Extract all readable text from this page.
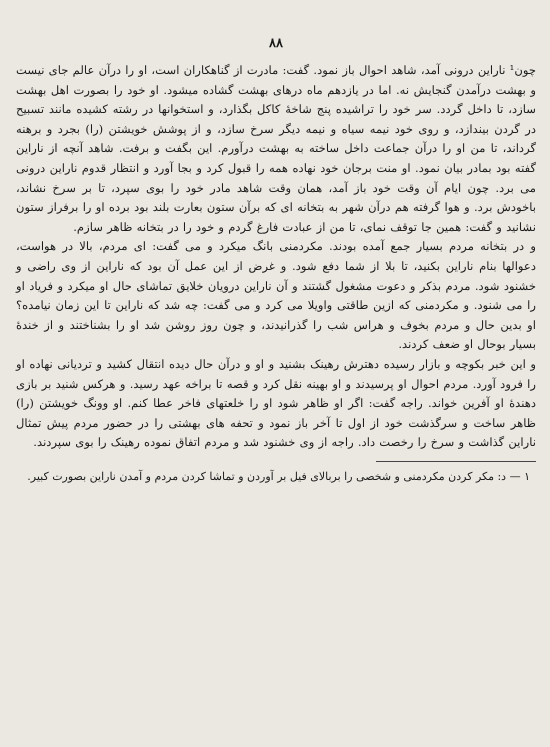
۸۸

چون¹ ناراین درونی آمد، شاهد احوال باز نمود. گفت: مادرت از گناهکاران است، او را درآن عالم جای نیست و بهشت درآمدن گنجایش نه. اما در یازدهم ماه درهای بهشت گشاده میشود. او خود را بصورت اهل بهشت سازد، تا داخل گردد. سر خود را تراشیده پنج شاخهٔ کاکل بگذارد، و استخوانها در رشته کشیده مانند تسبیح در گردن بیندازد، و روی خود نیمه سیاه و نیمه دیگر سرخ سازد، و از پوشش خویشتن (را) بجرد و برهنه گرداند، تا من او را درآن جماعت داخل ساخته به بهشت درآورم. این بگفت و برفت. شاهد آنچه از ناراین گفته بود بمادر بیان نمود. او منت برجان خود نهاده همه را قبول کرد و بجا آورد و انتظار قدوم ناراین درونی می برد. چون ایام آن وقت خود باز آمد، همان وقت شاهد مادر خود را بوی سپرد، تا بر سرخ نشاند، باخودش برد. و هوا گرفته هم درآن شهر به بتخانه ای که برآن ستون بعارت بلند بود برده او را برفراز ستون نشانید و گفت: همین جا توقف نمای، تا من از عبادت فارغ گردم و خود را در بتخانه ظاهر سازم.

و در بتخانه مردم بسیار جمع آمده بودند. مکردمنی بانگ میکرد و می گفت: ای مردم، بالا در هواست، دعوالها بنام ناراین بکنید، تا بلا از شما دفع شود. و غرض از این عمل آن بود که ناراین از وی راضی و خشنود شود. مردم بذکر و دعوت مشغول گشتند و آن ناراین درویان خلایق تماشای حال او میکرد و فریاد او را می شنود. و مکردمنی که ازین طاقتی واویلا می کرد و می گفت: چه شد که ناراین تا این زمان نیامده؟ او بدین حال و مردم بخوف و هراس شب را گذرانیدند، و چون روز روشن شد او را بشناختند و از خندهٔ بسیار بوحال او ضعف کردند.

و این خبر بکوچه و بازار رسیده دهترش رهینک بشنید و او و درآن حال دیده انتقال کشید و تردیانی نهاده او را فرود آورد. مردم احوال او پرسیدند و او بهینه نقل کرد و قصه تا براخه عهد رسید. و هرکس شنید بر بازی دهندهٔ او آفرین خواند. راجه گفت: اگر او ظاهر شود او را خلعتهای فاخر عطا کنم. او وونگ خویشتن (را) ظاهر ساخت و سرگذشت خود از اول تا آخر باز نمود و تحفه های بهشتی را در حضور مردم پیش تمثال ناراین گذاشت و سرخ را رخصت داد. راجه از وی خشنود شد و مردم اتفاق نموده رهینک را بوی سپردند.

۱ — د: مکر کردن مکردمنی و شخصی را بربالای فیل بر آوردن و تماشا کردن مردم و آمدن ناراین بصورت کبیر.
